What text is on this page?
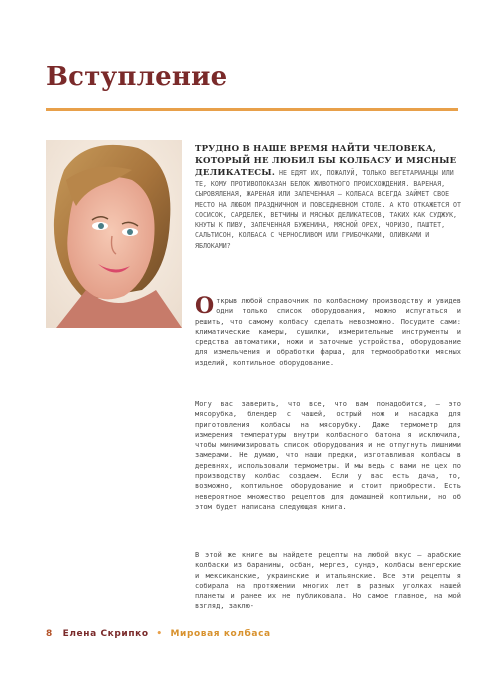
Вступление

ТРУДНО В НАШЕ ВРЕМЯ НАЙТИ ЧЕЛОВЕКА, КОТОРЫЙ НЕ ЛЮБИЛ БЫ КОЛБАСУ И МЯСНЫЕ ДЕЛИКАТЕСЫ. НЕ ЕДЯТ ИХ, ПОЖАЛУЙ, ТОЛЬКО ВЕГЕТАРИАНЦЫ ИЛИ ТЕ, КОМУ ПРОТИВОПОКАЗАН БЕЛОК ЖИВОТНОГО ПРОИСХОЖДЕНИЯ. ВАРЕНАЯ, СЫРОВЯЛЕНАЯ, ЖАРЕНАЯ ИЛИ ЗАПЕЧЕННАЯ – КОЛБАСА ВСЕГДА ЗАЙМЕТ СВОЕ МЕСТО НА ЛЮБОМ ПРАЗДНИЧНОМ И ПОВСЕДНЕВНОМ СТОЛЕ. А КТО ОТКАЖЕТСЯ ОТ СОСИСОК, САРДЕЛЕК, ВЕТЧИНЫ И МЯСНЫХ ДЕЛИКАТЕСОВ, ТАКИХ КАК СУДЖУК, КНУТЫ К ПИВУ, ЗАПЕЧЕННАЯ БУЖЕНИНА, МЯСНОЙ ОРЕХ, ЧОРИЗО, ПАШТЕТ, САЛЬТИСОН, КОЛБАСА С ЧЕРНОСЛИВОМ ИЛИ ГРИБОЧКАМИ, ОЛИВКАМИ И ЯБЛОКАМИ?

Открыв любой справочник по колбасному производству и увидев одни только список оборудования, можно испугаться и решить, что самому колбасу сделать невозможно. Посудите сами: климатические камеры, сушилки, измерительные инструменты и средства автоматики, ножи и заточные устройства, оборудование для измельчения и обработки фарша, для термообработки мясных изделий, коптильное оборудование.

Могу вас заверить, что все, что вам понадобится, – это мясорубка, блендер с чашей, острый нож и насадка для приготовления колбасы на мясорубку. Даже термометр для измерения температуры внутри колбасного батона я исключила, чтобы минимизировать список оборудования и не отпугнуть лишними замерами. Не думаю, что наши предки, изготавливая колбасы в деревнях, использовали термометры. И мы ведь с вами не цех по производству колбас создаем. Если у вас есть дача, то, возможно, коптильное оборудование и стоит приобрести. Есть невероятное множество рецептов для домашней коптильни, но об этом будет написана следующая книга.

В этой же книге вы найдете рецепты на любой вкус – арабские колбаски из баранины, осбан, мергез, сундэ, колбасы венгерские и мексиканские, украинские и итальянские. Все эти рецепты я собирала на протяжении многих лет в разных уголках нашей планеты и ранее их не публиковала. Но самое главное, на мой взгляд, заклю-

8 Елена Скрипко • Мировая колбаса
